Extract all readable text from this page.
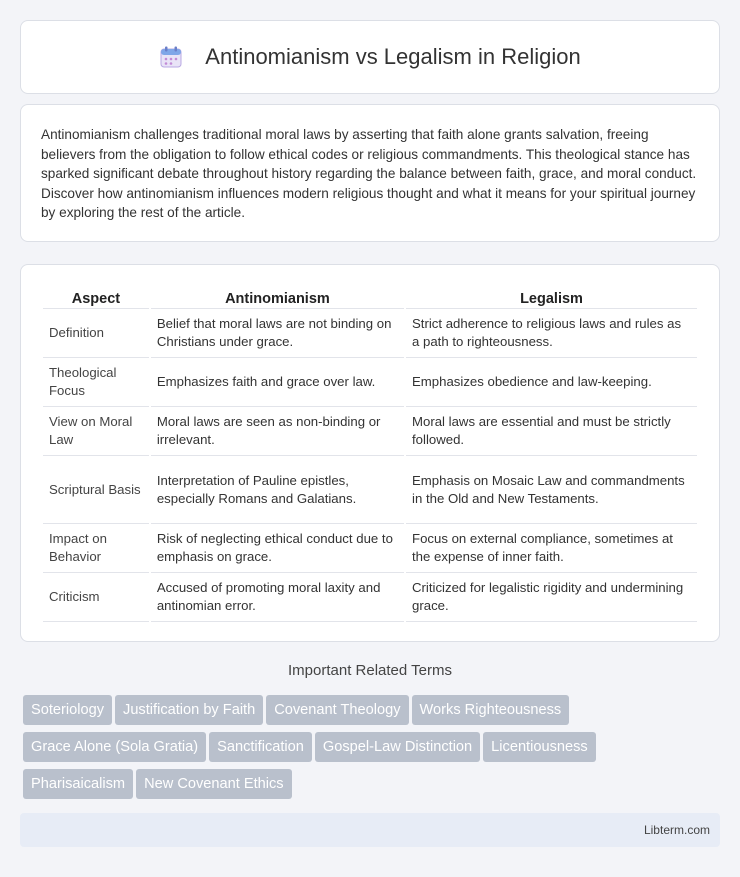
Antinomianism vs Legalism in Religion

Antinomianism challenges traditional moral laws by asserting that faith alone grants salvation, freeing believers from the obligation to follow ethical codes or religious commandments. This theological stance has sparked significant debate throughout history regarding the balance between faith, grace, and moral conduct. Discover how antinomianism influences modern religious thought and what it means for your spiritual journey by exploring the rest of the article.

Aspect	Antinomianism	Legalism
Definition	Belief that moral laws are not binding on Christians under grace.	Strict adherence to religious laws and rules as a path to righteousness.
Theological Focus	Emphasizes faith and grace over law.	Emphasizes obedience and law-keeping.
View on Moral Law	Moral laws are seen as non-binding or irrelevant.	Moral laws are essential and must be strictly followed.
Scriptural Basis	Interpretation of Pauline epistles, especially Romans and Galatians.	Emphasis on Mosaic Law and commandments in the Old and New Testaments.
Impact on Behavior	Risk of neglecting ethical conduct due to emphasis on grace.	Focus on external compliance, sometimes at the expense of inner faith.
Criticism	Accused of promoting moral laxity and antinomian error.	Criticized for legalistic rigidity and undermining grace.
Important Related Terms
Soteriology Justification by Faith Covenant Theology Works Righteousness
Grace Alone (Sola Gratia) Sanctification Gospel-Law Distinction Licentiousness
Pharisaicalism New Covenant Ethics
Libterm.com
